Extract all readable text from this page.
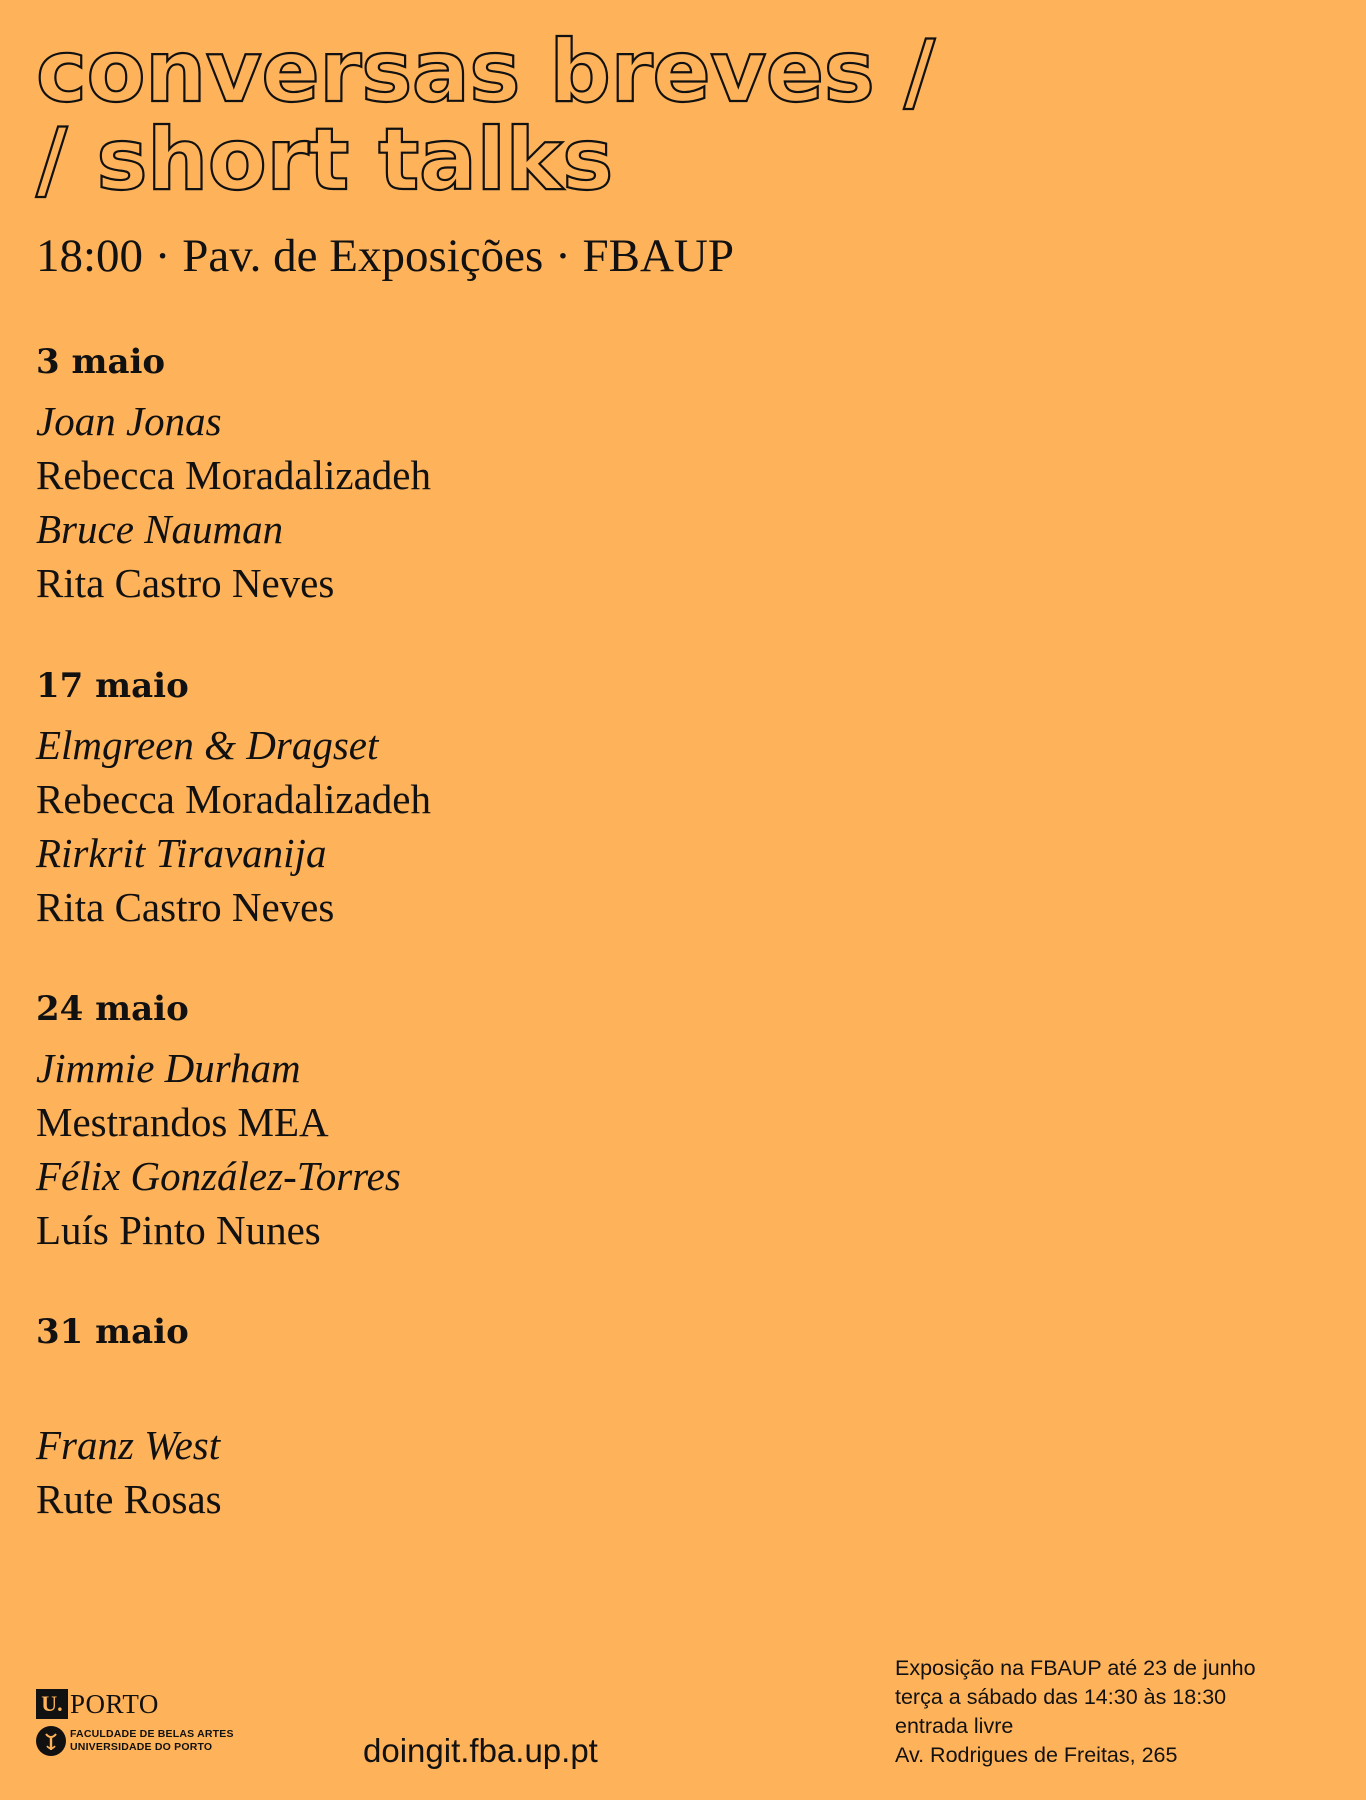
conversas breves /
/ short talks
18:00 · Pav. de Exposições · FBAUP
3 maio
Joan Jonas
Rebecca Moradalizadeh
Bruce Nauman
Rita Castro Neves
17 maio
Elmgreen & Dragset
Rebecca Moradalizadeh
Rirkrit Tiravanija
Rita Castro Neves
24 maio
Jimmie Durham
Mestrandos MEA
Félix González-Torres
Luís Pinto Nunes
31 maio
Franz West
Rute Rosas
U. PORTO
FACULDADE DE BELAS ARTES
UNIVERSIDADE DO PORTO	doingit.fba.up.pt
Exposição na FBAUP até 23 de junho
terça a sábado das 14:30 às 18:30
entrada livre
Av. Rodrigues de Freitas, 265
